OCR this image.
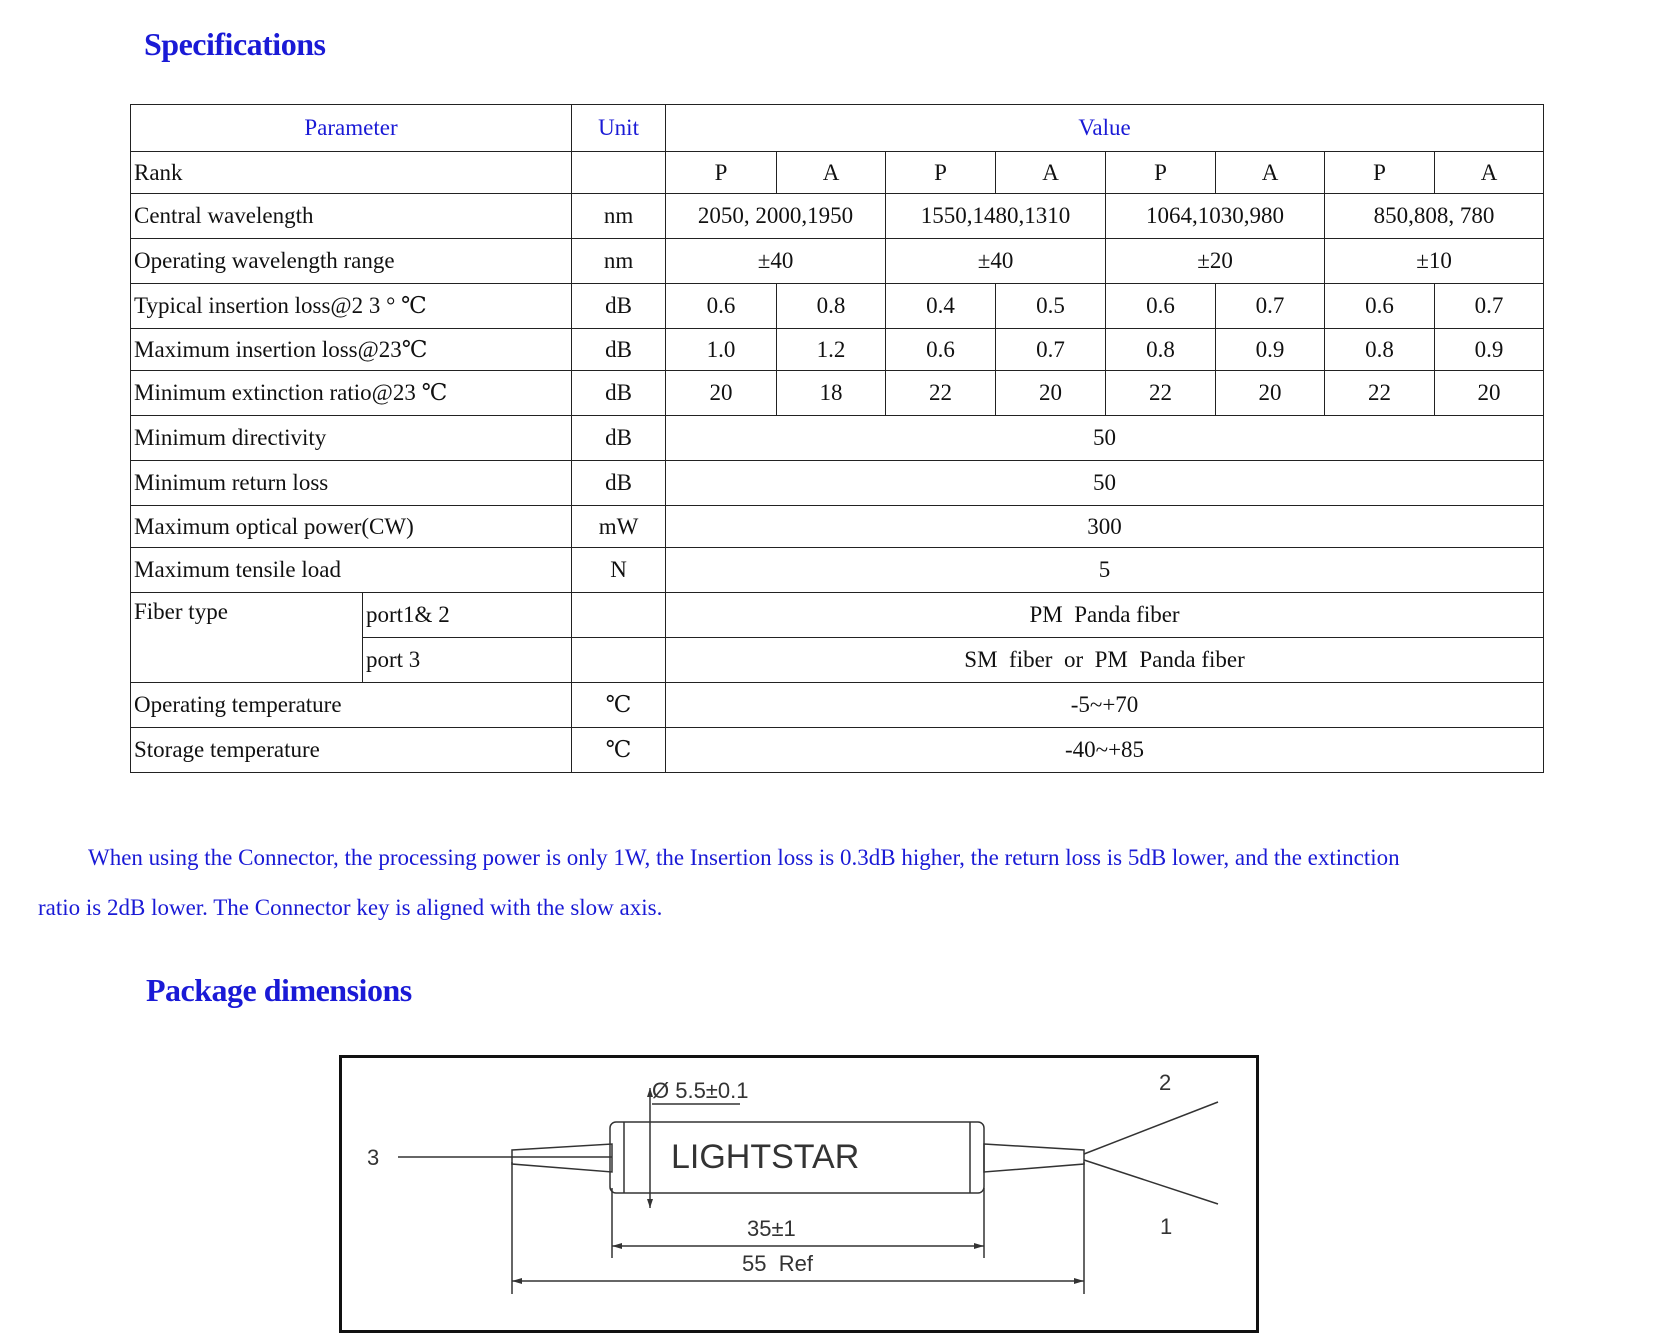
Specifications
Parameter		Unit	Value							
Rank			P	A	P	A	P	A	P	A
Central wavelength		nm	2050, 2000,1950		1550,1480,1310		1064,1030,980		850,808, 780	
Operating wavelength range		nm	±40		±40		±20		±10	
Typical insertion loss@2 3 ° ℃		dB	0.6	0.8	0.4	0.5	0.6	0.7	0.6	0.7
Maximum insertion loss@23℃		dB	1.0	1.2	0.6	0.7	0.8	0.9	0.8	0.9
Minimum extinction ratio@23 ℃		dB	20	18	22	20	22	20	22	20
Minimum directivity		dB	50							
Minimum return loss		dB	50							
Maximum optical power(CW)		mW	300							
Maximum tensile load		N	5							
Fiber type	port1& 2		PM  Panda fiber							
	port 3		SM  fiber  or  PM  Panda fiber							
Operating temperature		℃	-5~+70							
Storage temperature		℃	-40~+85							

When using the Connector, the processing power is only 1W, the Insertion loss is 0.3dB higher, the return loss is 5dB lower, and the extinction

ratio is 2dB lower. The Connector key is aligned with the slow axis.

Package dimensions
Ø 5.5±0.1
LIGHTSTAR
35±1
55  Ref
3
2
1
